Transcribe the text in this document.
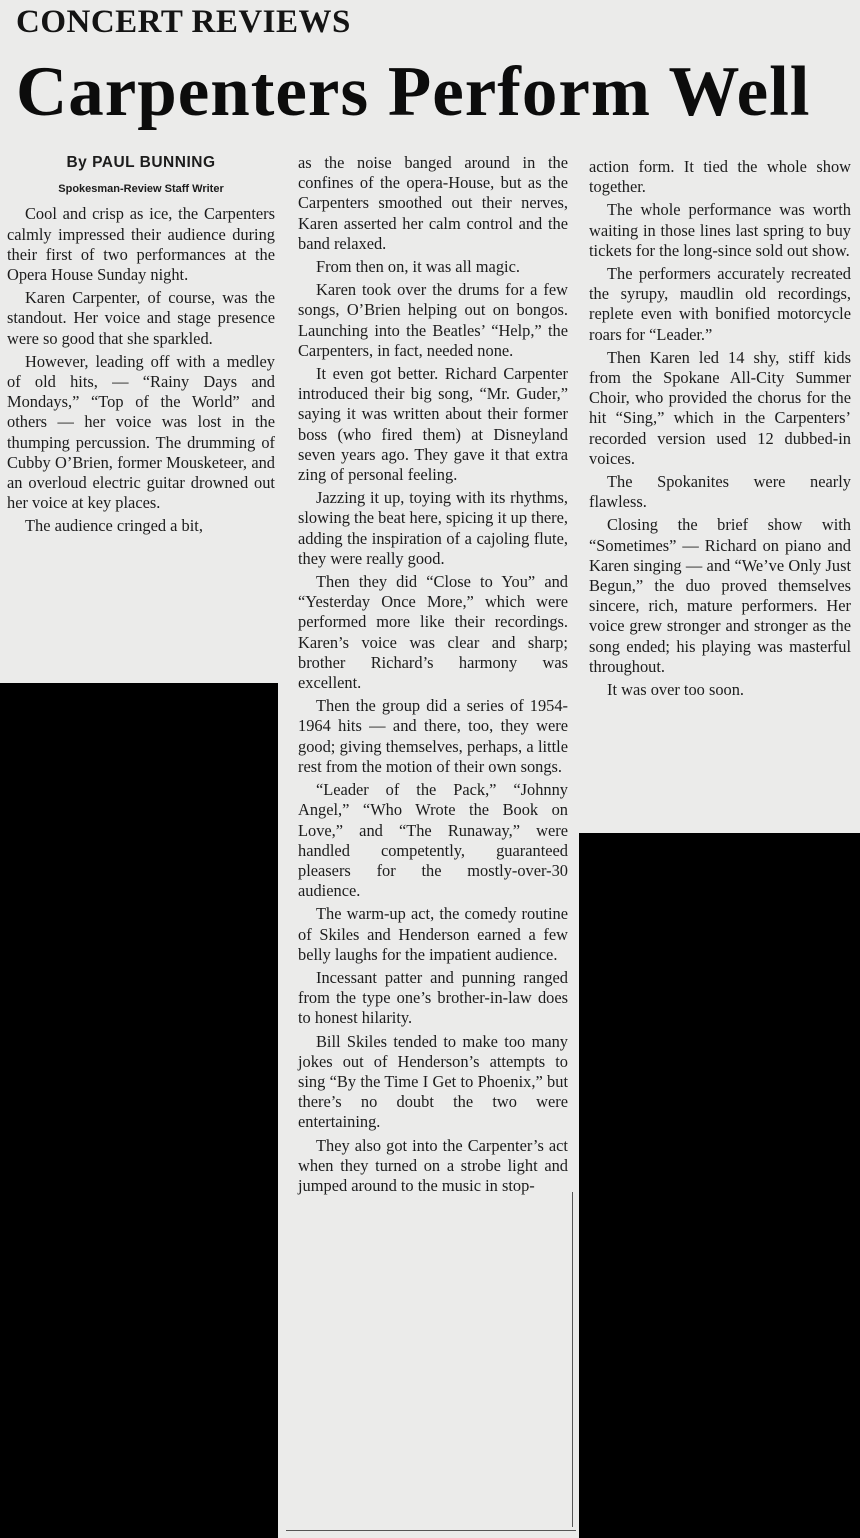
CONCERT REVIEWS
Carpenters Perform Well
By PAUL BUNNING
Spokesman-Review Staff Writer

Cool and crisp as ice, the Carpenters calmly impressed their audience during their first of two performances at the Opera House Sunday night.

Karen Carpenter, of course, was the standout. Her voice and stage presence were so good that she sparkled.

However, leading off with a medley of old hits, — “Rainy Days and Mondays,” “Top of the World” and others — her voice was lost in the thumping percussion. The drumming of Cubby O’Brien, former Mousketeer, and an overloud electric guitar drowned out her voice at key places.

The audience cringed a bit,

as the noise banged around in the confines of the opera-House, but as the Carpenters smoothed out their nerves, Karen asserted her calm control and the band relaxed.

From then on, it was all magic.

Karen took over the drums for a few songs, O’Brien helping out on bongos. Launching into the Beatles’ “Help,” the Carpenters, in fact, needed none.

It even got better. Richard Carpenter introduced their big song, “Mr. Guder,” saying it was written about their former boss (who fired them) at Disneyland seven years ago. They gave it that extra zing of personal feeling.

Jazzing it up, toying with its rhythms, slowing the beat here, spicing it up there, adding the inspiration of a cajoling flute, they were really good.

Then they did “Close to You” and “Yesterday Once More,” which were performed more like their recordings. Karen’s voice was clear and sharp; brother Richard’s harmony was excellent.

Then the group did a series of 1954-1964 hits — and there, too, they were good; giving themselves, perhaps, a little rest from the motion of their own songs.

“Leader of the Pack,” “Johnny Angel,” “Who Wrote the Book on Love,” and “The Runaway,” were handled competently, guaranteed pleasers for the mostly-over-30 audience.

The warm-up act, the comedy routine of Skiles and Henderson earned a few belly laughs for the impatient audience.

Incessant patter and punning ranged from the type one’s brother-in-law does to honest hilarity.

Bill Skiles tended to make too many jokes out of Henderson’s attempts to sing “By the Time I Get to Phoenix,” but there’s no doubt the two were entertaining.

They also got into the Carpenter’s act when they turned on a strobe light and jumped around to the music in stop-

action form. It tied the whole show together.

The whole performance was worth waiting in those lines last spring to buy tickets for the long-since sold out show.

The performers accurately recreated the syrupy, maudlin old recordings, replete even with bonified motorcycle roars for “Leader.”

Then Karen led 14 shy, stiff kids from the Spokane All-City Summer Choir, who provided the chorus for the hit “Sing,” which in the Carpenters’ recorded version used 12 dubbed-in voices.

The Spokanites were nearly flawless.

Closing the brief show with “Sometimes” — Richard on piano and Karen singing — and “We’ve Only Just Begun,” the duo proved themselves sincere, rich, mature performers. Her voice grew stronger and stronger as the song ended; his playing was masterful throughout.

It was over too soon.
